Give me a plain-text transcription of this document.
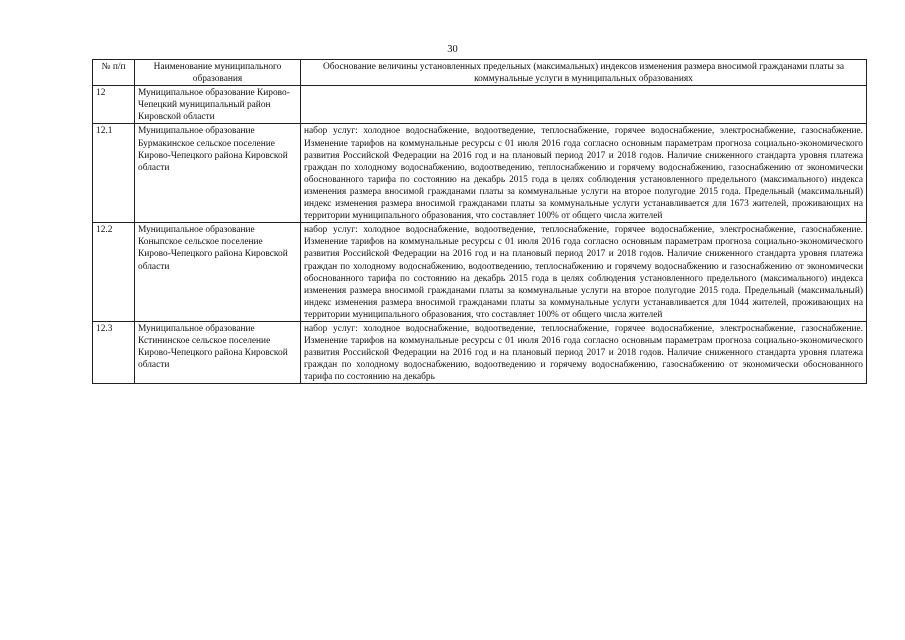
30
№ п/п	Наименование муниципального образования	Обоснование величины установленных предельных (максимальных) индексов изменения размера вносимой гражданами платы за коммунальные услуги в муниципальных образованиях
12	Муниципальное образование Кирово-Чепецкий муниципальный район Кировской области	
12.1	Муниципальное образование Бурмакинское сельское поселение Кирово-Чепецкого района Кировской области	набор услуг: холодное водоснабжение, водоотведение, теплоснабжение, горячее водоснабжение, электроснабжение, газоснабжение. Изменение тарифов на коммунальные ресурсы с 01 июля 2016 года согласно основным параметрам прогноза социально-экономического развития Российской Федерации на 2016 год и на плановый период 2017 и 2018 годов. Наличие сниженного стандарта уровня платежа граждан по холодному водоснабжению, водоотведению, теплоснабжению и горячему водоснабжению, газоснабжению от экономически обоснованного тарифа по состоянию на декабрь 2015 года в целях соблюдения установленного предельного (максимального) индекса изменения размера вносимой гражданами платы за коммунальные услуги на второе полугодие 2015 года. Предельный (максимальный) индекс изменения размера вносимой гражданами платы за коммунальные услуги устанавливается для 1673 жителей, проживающих на территории муниципального образования, что составляет 100% от общего числа жителей
12.2	Муниципальное образование Коныпское сельское поселение Кирово-Чепецкого района Кировской области	набор услуг: холодное водоснабжение, водоотведение, теплоснабжение, горячее водоснабжение, электроснабжение, газоснабжение. Изменение тарифов на коммунальные ресурсы с 01 июля 2016 года согласно основным параметрам прогноза социально-экономического развития Российской Федерации на 2016 год и на плановый период 2017 и 2018 годов. Наличие сниженного стандарта уровня платежа граждан по холодному водоснабжению, водоотведению, теплоснабжению и горячему водоснабжению и газоснабжению от экономически обоснованного тарифа по состоянию на декабрь 2015 года в целях соблюдения установленного предельного (максимального) индекса изменения размера вносимой гражданами платы за коммунальные услуги на второе полугодие 2015 года. Предельный (максимальный) индекс изменения размера вносимой гражданами платы за коммунальные услуги устанавливается для 1044 жителей, проживающих на территории муниципального образования, что составляет 100% от общего числа жителей
12.3	Муниципальное образование Кстининское сельское поселение Кирово-Чепецкого района Кировской области	набор услуг: холодное водоснабжение, водоотведение, теплоснабжение, горячее водоснабжение, электроснабжение, газоснабжение. Изменение тарифов на коммунальные ресурсы с 01 июля 2016 года согласно основным параметрам прогноза социально-экономического развития Российской Федерации на 2016 год и на плановый период 2017 и 2018 годов. Наличие сниженного стандарта уровня платежа граждан по холодному водоснабжению, водоотведению и горячему водоснабжению, газоснабжению от экономически обоснованного тарифа по состоянию на декабрь
